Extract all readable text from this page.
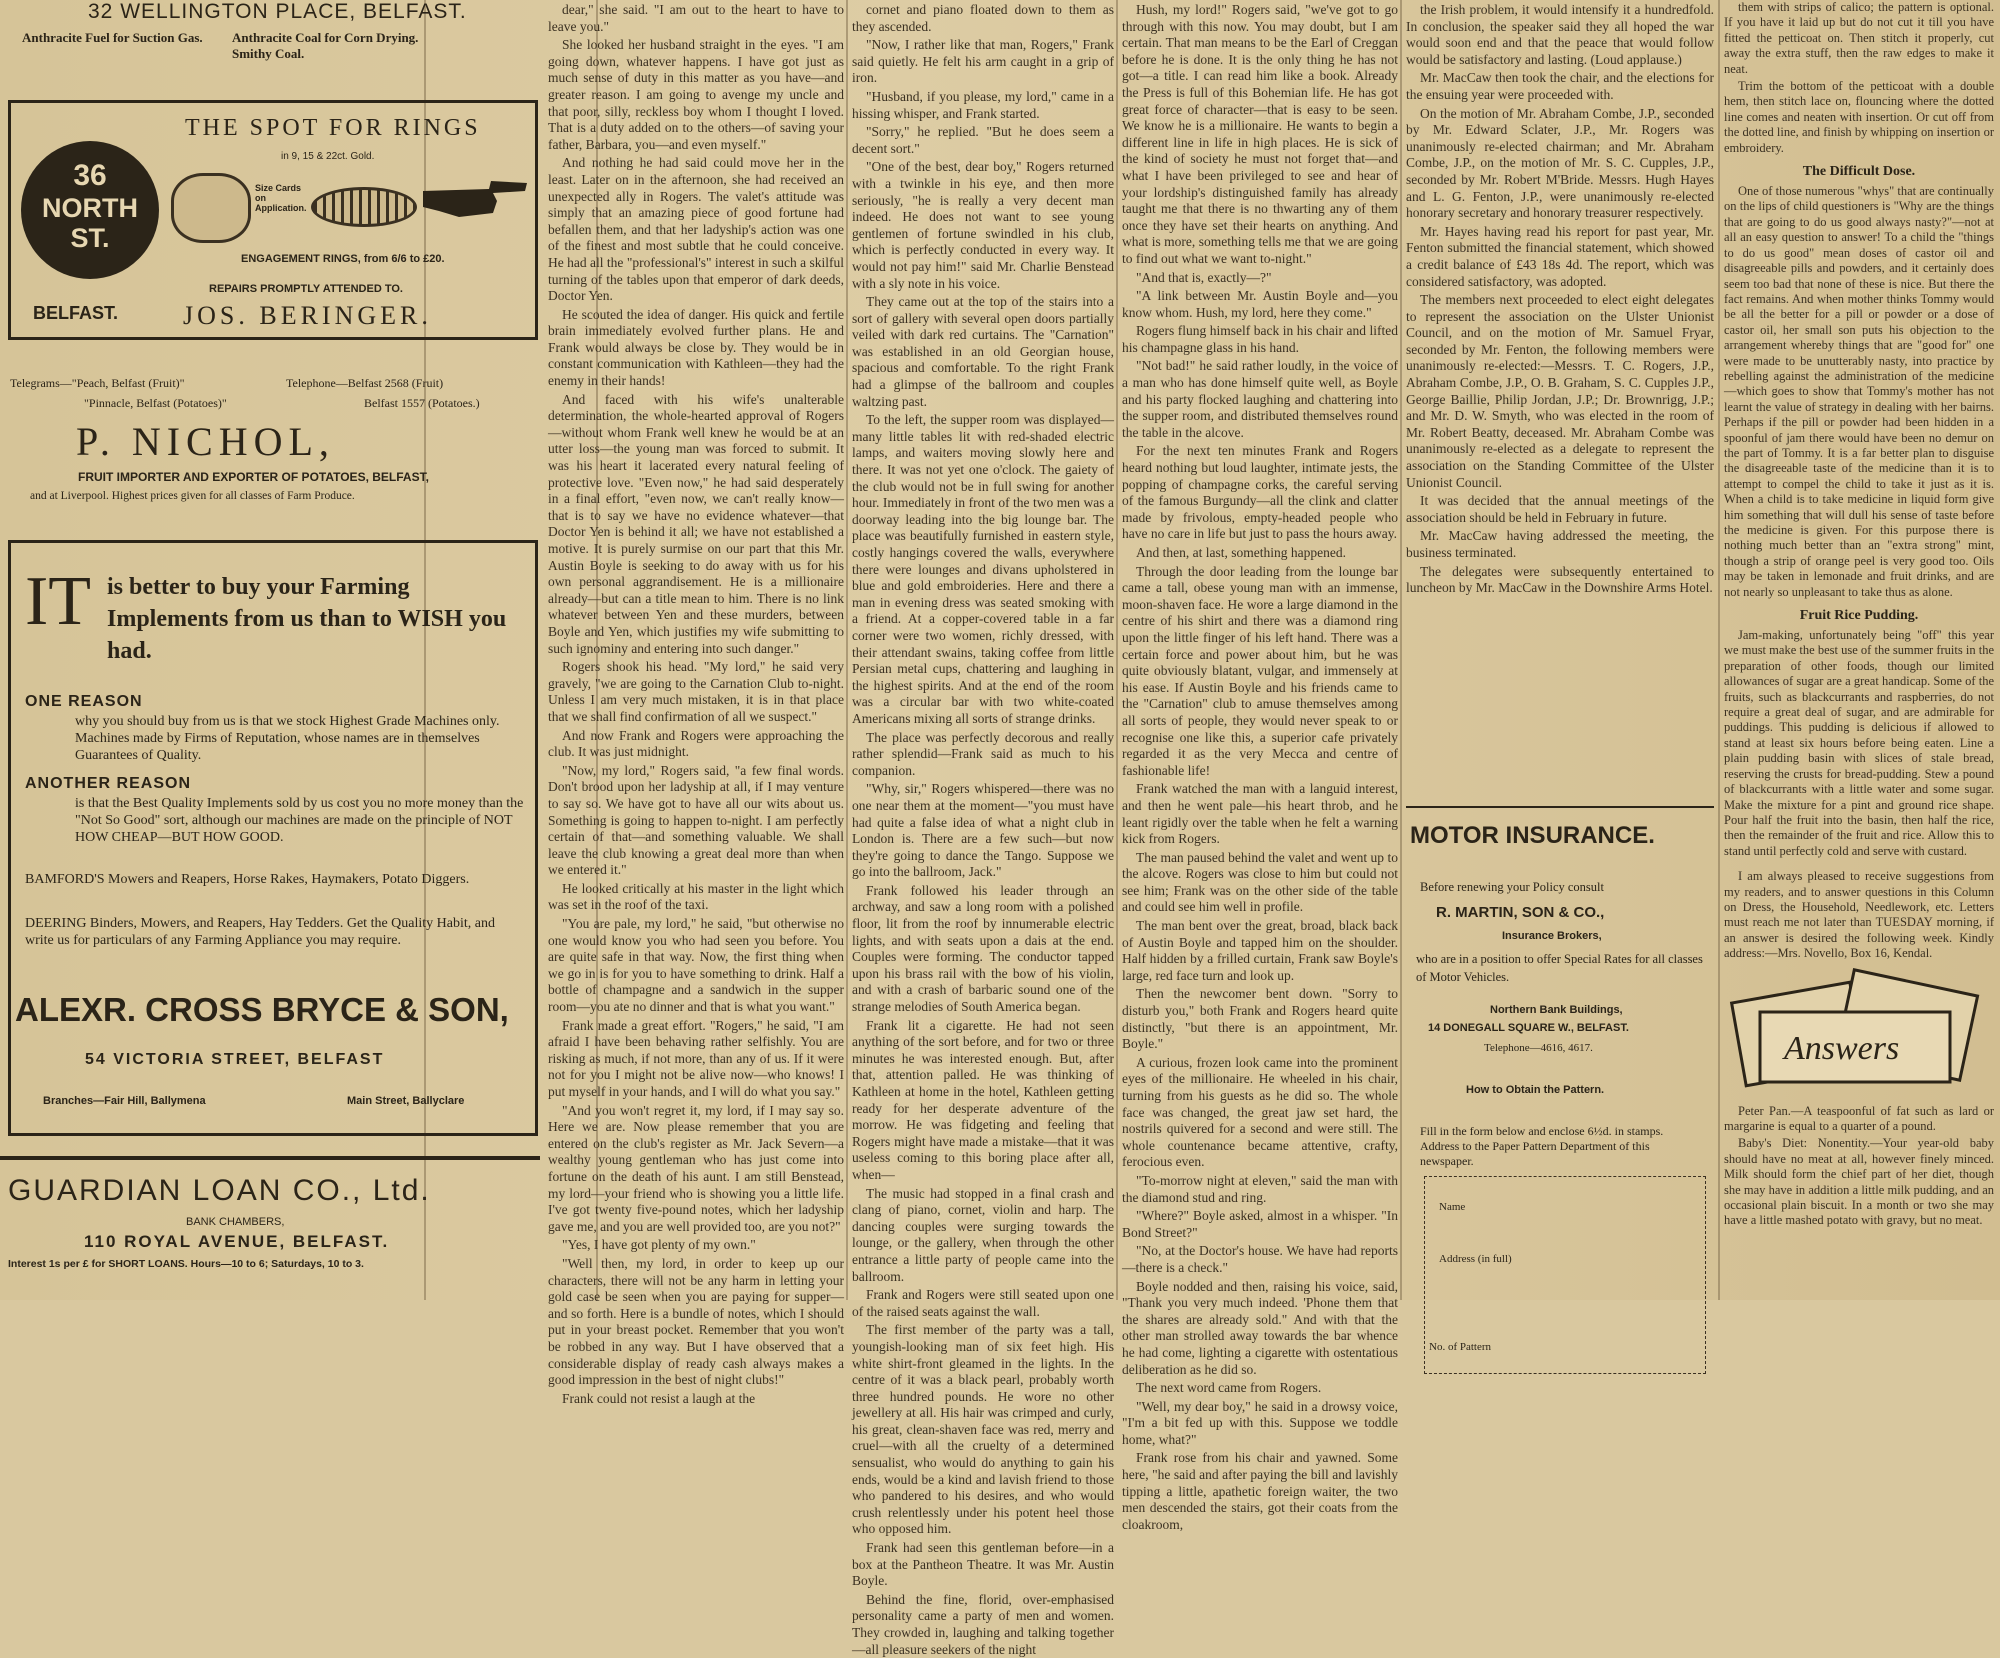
32 WELLINGTON PLACE, BELFAST.
Anthracite Fuel for Suction Gas. Anthracite Coal for Corn Drying.
Smithy Coal.
THE SPOT FOR RINGS
in 9, 15 & 22ct. Gold.
36
NORTH
ST.
Size Cards on Application.
ENGAGEMENT RINGS, from 6/6 to £20.
REPAIRS PROMPTLY ATTENDED TO.
BELFAST. JOS. BERINGER.
Telegrams—"Peach, Belfast (Fruit)"
"Pinnacle, Belfast (Potatoes)"
Telephone—Belfast 2568 (Fruit)
Belfast 1557 (Potatoes.)
P. NICHOL,
FRUIT IMPORTER AND EXPORTER OF POTATOES, BELFAST,
and at Liverpool. Highest prices given for all classes of Farm Produce.
IT is better to buy your Farming Implements from us than to WISH you had.
ONE REASON
why you should buy from us is that we stock Highest Grade Machines only. Machines made by Firms of Reputation, whose names are in themselves Guarantees of Quality.
ANOTHER REASON
is that the Best Quality Implements sold by us cost you no more money than the "Not So Good" sort, although our machines are made on the principle of NOT HOW CHEAP—BUT HOW GOOD.
BAMFORD'S Mowers and Reapers, Horse Rakes, Haymakers, Potato Diggers.
DEERING Binders, Mowers, and Reapers, Hay Tedders. Get the Quality Habit, and write us for particulars of any Farming Appliance you may require.
ALEXR. CROSS BRYCE & SON,
54 VICTORIA STREET, BELFAST
Branches—Fair Hill, Ballymena	Main Street, Ballyclare
GUARDIAN LOAN CO., Ltd.
BANK CHAMBERS,
110 ROYAL AVENUE, BELFAST.
Interest 1s per £ for SHORT LOANS. Hours—10 to 6; Saturdays, 10 to 3.

dear," she said. "I am out to the heart to have to leave you."

She looked her husband straight in the eyes. "I am going down, whatever happens. I have got just as much sense of duty in this matter as you have—and greater reason. I am going to avenge my uncle and that poor, silly, reckless boy whom I thought I loved. That is a duty added on to the others—of saving your father, Barbara, you—and even myself."

And nothing he had said could move her in the least. Later on in the afternoon, she had received an unexpected ally in Rogers. The valet's attitude was simply that an amazing piece of good fortune had befallen them, and that her ladyship's action was one of the finest and most subtle that he could conceive. He had all the "professional's" interest in such a skilful turning of the tables upon that emperor of dark deeds, Doctor Yen.

He scouted the idea of danger. His quick and fertile brain immediately evolved further plans. He and Frank would always be close by. They would be in constant communication with Kathleen—they had the enemy in their hands!

And faced with his wife's unalterable determination, the whole-hearted approval of Rogers—without whom Frank well knew he would be at an utter loss—the young man was forced to submit. It was his heart it lacerated every natural feeling of protective love. "Even now," he had said desperately in a final effort, "even now, we can't really know—that is to say we have no evidence whatever—that Doctor Yen is behind it all; we have not established a motive. It is purely surmise on our part that this Mr. Austin Boyle is seeking to do away with us for his own personal aggrandisement. He is a millionaire already—but can a title mean to him. There is no link whatever between Yen and these murders, between Boyle and Yen, which justifies my wife submitting to such ignominy and entering into such danger."

Rogers shook his head. "My lord," he said very gravely, "we are going to the Carnation Club to-night. Unless I am very much mistaken, it is in that place that we shall find confirmation of all we suspect."

And now Frank and Rogers were approaching the club. It was just midnight.

"Now, my lord," Rogers said, "a few final words. Don't brood upon her ladyship at all, if I may venture to say so. We have got to have all our wits about us. Something is going to happen to-night. I am perfectly certain of that—and something valuable. We shall leave the club knowing a great deal more than when we entered it."

He looked critically at his master in the light which was set in the roof of the taxi.

"You are pale, my lord," he said, "but otherwise no one would know you who had seen you before. You are quite safe in that way. Now, the first thing when we go in is for you to have something to drink. Half a bottle of champagne and a sandwich in the supper room—you ate no dinner and that is what you want."

Frank made a great effort. "Rogers," he said, "I am afraid I have been behaving rather selfishly. You are risking as much, if not more, than any of us. If it were not for you I might not be alive now—who knows! I put myself in your hands, and I will do what you say."

"And you won't regret it, my lord, if I may say so. Here we are. Now please remember that you are entered on the club's register as Mr. Jack Severn—a wealthy young gentleman who has just come into fortune on the death of his aunt. I am still Benstead, my lord—your friend who is showing you a little life. I've got twenty five-pound notes, which her ladyship gave me, and you are well provided too, are you not?"

"Yes, I have got plenty of my own."

"Well then, my lord, in order to keep up our characters, there will not be any harm in letting your gold case be seen when you are paying for supper—and so forth. Here is a bundle of notes, which I should put in your breast pocket. Remember that you won't be robbed in any way. But I have observed that a considerable display of ready cash always makes a good impression in the best of night clubs!"

Frank could not resist a laugh at the

cornet and piano floated down to them as they ascended.

"Now, I rather like that man, Rogers," Frank said quietly. He felt his arm caught in a grip of iron.

"Husband, if you please, my lord," came in a hissing whisper, and Frank started.

"Sorry," he replied. "But he does seem a decent sort."

"One of the best, dear boy," Rogers returned with a twinkle in his eye, and then more seriously, "he is really a very decent man indeed. He does not want to see young gentlemen of fortune swindled in his club, which is perfectly conducted in every way. It would not pay him!" said Mr. Charlie Benstead with a sly note in his voice.

They came out at the top of the stairs into a sort of gallery with several open doors partially veiled with dark red curtains. The "Carnation" was established in an old Georgian house, spacious and comfortable. To the right Frank had a glimpse of the ballroom and couples waltzing past.

To the left, the supper room was displayed—many little tables lit with red-shaded electric lamps, and waiters moving slowly here and there. It was not yet one o'clock. The gaiety of the club would not be in full swing for another hour. Immediately in front of the two men was a doorway leading into the big lounge bar. The place was beautifully furnished in eastern style, costly hangings covered the walls, everywhere there were lounges and divans upholstered in blue and gold embroideries. Here and there a man in evening dress was seated smoking with a friend. At a copper-covered table in a far corner were two women, richly dressed, with their attendant swains, taking coffee from little Persian metal cups, chattering and laughing in the highest spirits. And at the end of the room was a circular bar with two white-coated Americans mixing all sorts of strange drinks.

The place was perfectly decorous and really rather splendid—Frank said as much to his companion.

"Why, sir," Rogers whispered—there was no one near them at the moment—"you must have had quite a false idea of what a night club in London is. There are a few such—but now they're going to dance the Tango. Suppose we go into the ballroom, Jack."

Frank followed his leader through an archway, and saw a long room with a polished floor, lit from the roof by innumerable electric lights, and with seats upon a dais at the end. Couples were forming. The conductor tapped upon his brass rail with the bow of his violin, and with a crash of barbaric sound one of the strange melodies of South America began.

Frank lit a cigarette. He had not seen anything of the sort before, and for two or three minutes he was interested enough. But, after that, attention palled. He was thinking of Kathleen at home in the hotel, Kathleen getting ready for her desperate adventure of the morrow. He was fidgeting and feeling that Rogers might have made a mistake—that it was useless coming to this boring place after all, when—

The music had stopped in a final crash and clang of piano, cornet, violin and harp. The dancing couples were surging towards the lounge, or the gallery, when through the other entrance a little party of people came into the ballroom.

Frank and Rogers were still seated upon one of the raised seats against the wall.

The first member of the party was a tall, youngish-looking man of six feet high. His white shirt-front gleamed in the lights. In the centre of it was a black pearl, probably worth three hundred pounds. He wore no other jewellery at all. His hair was crimped and curly, his great, clean-shaven face was red, merry and cruel—with all the cruelty of a determined sensualist, who would do anything to gain his ends, would be a kind and lavish friend to those who pandered to his desires, and who would crush relentlessly under his potent heel those who opposed him.

Frank had seen this gentleman before—in a box at the Pantheon Theatre. It was Mr. Austin Boyle.

Behind the fine, florid, over-emphasised personality came a party of men and women. They crowded in, laughing and talking together—all pleasure seekers of the night

Hush, my lord!" Rogers said, "we've got to go through with this now. You may doubt, but I am certain. That man means to be the Earl of Creggan before he is done. It is the only thing he has not got—a title. I can read him like a book. Already the Press is full of this Bohemian life. He has got great force of character—that is easy to be seen. We know he is a millionaire. He wants to begin a different line in life in high places. He is sick of the kind of society he must not forget that—and what I have been privileged to see and hear of your lordship's distinguished family has already taught me that there is no thwarting any of them once they have set their hearts on anything. And what is more, something tells me that we are going to find out what we want to-night."

"And that is, exactly—?"

"A link between Mr. Austin Boyle and—you know whom. Hush, my lord, here they come."

Rogers flung himself back in his chair and lifted his champagne glass in his hand.

"Not bad!" he said rather loudly, in the voice of a man who has done himself quite well, as Boyle and his party flocked laughing and chattering into the supper room, and distributed themselves round the table in the alcove.

For the next ten minutes Frank and Rogers heard nothing but loud laughter, intimate jests, the popping of champagne corks, the careful serving of the famous Burgundy—all the clink and clatter made by frivolous, empty-headed people who have no care in life but just to pass the hours away.

And then, at last, something happened.

Through the door leading from the lounge bar came a tall, obese young man with an immense, moon-shaven face. He wore a large diamond in the centre of his shirt and there was a diamond ring upon the little finger of his left hand. There was a certain force and power about him, but he was quite obviously blatant, vulgar, and immensely at his ease. If Austin Boyle and his friends came to the "Carnation" club to amuse themselves among all sorts of people, they would never speak to or recognise one like this, a superior cafe privately regarded it as the very Mecca and centre of fashionable life!

Frank watched the man with a languid interest, and then he went pale—his heart throb, and he leant rigidly over the table when he felt a warning kick from Rogers.

The man paused behind the valet and went up to the alcove. Rogers was close to him but could not see him; Frank was on the other side of the table and could see him well in profile.

The man bent over the great, broad, black back of Austin Boyle and tapped him on the shoulder. Half hidden by a frilled curtain, Frank saw Boyle's large, red face turn and look up.

Then the newcomer bent down. "Sorry to disturb you," both Frank and Rogers heard quite distinctly, "but there is an appointment, Mr. Boyle."

A curious, frozen look came into the prominent eyes of the millionaire. He wheeled in his chair, turning from his guests as he did so. The whole face was changed, the great jaw set hard, the nostrils quivered for a second and were still. The whole countenance became attentive, crafty, ferocious even.

"To-morrow night at eleven," said the man with the diamond stud and ring.

"Where?" Boyle asked, almost in a whisper. "In Bond Street?"

"No, at the Doctor's house. We have had reports—there is a check."

Boyle nodded and then, raising his voice, said, "Thank you very much indeed. 'Phone them that the shares are already sold." And with that the other man strolled away towards the bar whence he had come, lighting a cigarette with ostentatious deliberation as he did so.

The next word came from Rogers.

"Well, my dear boy," he said in a drowsy voice, "I'm a bit fed up with this. Suppose we toddle home, what?"

Frank rose from his chair and yawned. Some here, "he said and after paying the bill and lavishly tipping a little, apathetic foreign waiter, the two men descended the stairs, got their coats from the cloakroom,

the Irish problem, it would intensify it a hundredfold. In conclusion, the speaker said they all hoped the war would soon end and that the peace that would follow would be satisfactory and lasting. (Loud applause.)

Mr. MacCaw then took the chair, and the elections for the ensuing year were proceeded with.

On the motion of Mr. Abraham Combe, J.P., seconded by Mr. Edward Sclater, J.P., Mr. Rogers was unanimously re-elected chairman; and Mr. Abraham Combe, J.P., on the motion of Mr. S. C. Cupples, J.P., seconded by Mr. Robert M'Bride. Messrs. Hugh Hayes and L. G. Fenton, J.P., were unanimously re-elected honorary secretary and honorary treasurer respectively.

Mr. Hayes having read his report for past year, Mr. Fenton submitted the financial statement, which showed a credit balance of £43 18s 4d. The report, which was considered satisfactory, was adopted.

The members next proceeded to elect eight delegates to represent the association on the Ulster Unionist Council, and on the motion of Mr. Samuel Fryar, seconded by Mr. Fenton, the following members were unanimously re-elected:—Messrs. T. C. Rogers, J.P., Abraham Combe, J.P., O. B. Graham, S. C. Cupples J.P., George Baillie, Philip Jordan, J.P.; Dr. Brownrigg, J.P.; and Mr. D. W. Smyth, who was elected in the room of Mr. Robert Beatty, deceased. Mr. Abraham Combe was unanimously re-elected as a delegate to represent the association on the Standing Committee of the Ulster Unionist Council.

It was decided that the annual meetings of the association should be held in February in future.

Mr. MacCaw having addressed the meeting, the business terminated.

The delegates were subsequently entertained to luncheon by Mr. MacCaw in the Downshire Arms Hotel.

MOTOR INSURANCE.
Before renewing your Policy consult
R. MARTIN, SON & CO.,
Insurance Brokers,
who are in a position to offer Special Rates for all classes of Motor Vehicles.
Northern Bank Buildings,
14 DONEGALL SQUARE W., BELFAST.
Telephone—4616, 4617.
How to Obtain the Pattern.
Fill in the form below and enclose 6½d. in stamps. Address to the Paper Pattern Department of this newspaper.
Name
Address (in full)
No. of Pattern

them with strips of calico; the pattern is optional. If you have it laid up but do not cut it till you have fitted the petticoat on. Then stitch it properly, cut away the extra stuff, then the raw edges to make it neat.

Trim the bottom of the petticoat with a double hem, then stitch lace on, flouncing where the dotted line comes and neaten with insertion. Or cut off from the dotted line, and finish by whipping on insertion or embroidery.

The Difficult Dose.

One of those numerous "whys" that are continually on the lips of child questioners is "Why are the things that are going to do us good always nasty?"—not at all an easy question to answer! To a child the "things to do us good" mean doses of castor oil and disagreeable pills and powders, and it certainly does seem too bad that none of these is nice. But there the fact remains. And when mother thinks Tommy would be all the better for a pill or powder or a dose of castor oil, her small son puts his objection to the arrangement whereby things that are "good for" one were made to be unutterably nasty, into practice by rebelling against the administration of the medicine—which goes to show that Tommy's mother has not learnt the value of strategy in dealing with her bairns. Perhaps if the pill or powder had been hidden in a spoonful of jam there would have been no demur on the part of Tommy. It is a far better plan to disguise the disagreeable taste of the medicine than it is to attempt to compel the child to take it just as it is. When a child is to take medicine in liquid form give him something that will dull his sense of taste before the medicine is given. For this purpose there is nothing much better than an "extra strong" mint, though a strip of orange peel is very good too. Oils may be taken in lemonade and fruit drinks, and are not nearly so unpleasant to take thus as alone.

Fruit Rice Pudding.

Jam-making, unfortunately being "off" this year we must make the best use of the summer fruits in the preparation of other foods, though our limited allowances of sugar are a great handicap. Some of the fruits, such as blackcurrants and raspberries, do not require a great deal of sugar, and are admirable for puddings. This pudding is delicious if allowed to stand at least six hours before being eaten. Line a plain pudding basin with slices of stale bread, reserving the crusts for bread-pudding. Stew a pound of blackcurrants with a little water and some sugar. Make the mixture for a pint and ground rice shape. Pour half the fruit into the basin, then half the rice, then the remainder of the fruit and rice. Allow this to stand until perfectly cold and serve with custard.

I am always pleased to receive suggestions from my readers, and to answer questions in this Column on Dress, the Household, Needlework, etc. Letters must reach me not later than TUESDAY morning, if an answer is desired the following week. Kindly address:—Mrs. Novello, Box 16, Kendal.

Answers

Peter Pan.—A teaspoonful of fat such as lard or margarine is equal to a quarter of a pound.

Baby's Diet: Nonentity.—Your year-old baby should have no meat at all, however finely minced. Milk should form the chief part of her diet, though she may have in addition a little milk pudding, and an occasional plain biscuit. In a month or two she may have a little mashed potato with gravy, but no meat.
